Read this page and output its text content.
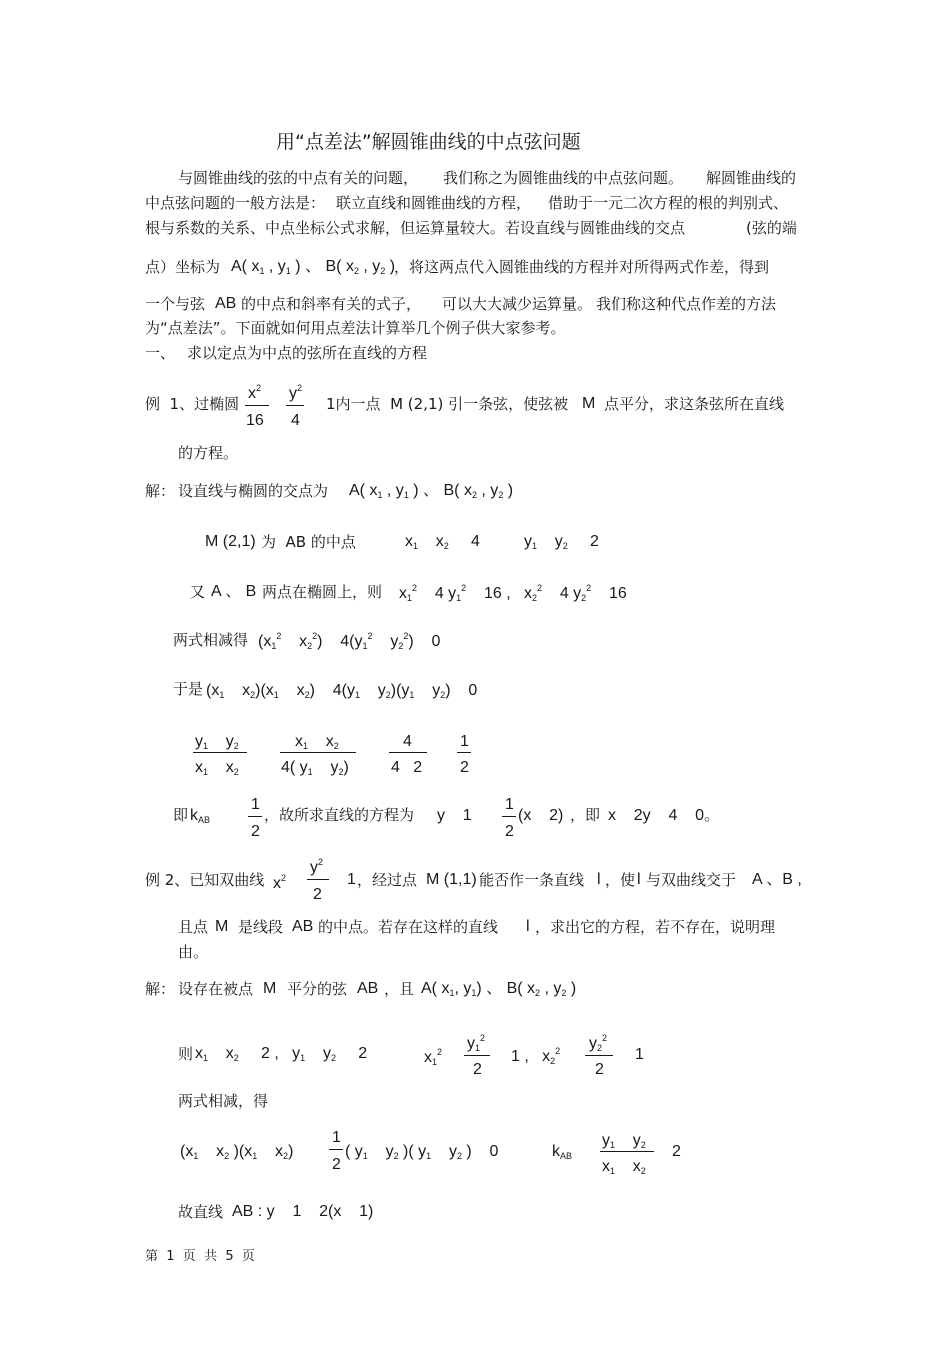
用“点差法”解圆锥曲线的中点弦问题
与圆锥曲线的弦的中点有关的问题， 我们称之为圆锥曲线的中点弦问题。 解圆锥曲线的
中点弦问题的一般方法是： 联立直线和圆锥曲线的方程， 借助于一元二次方程的根的判别式、
根与系数的关系、中点坐标公式求解，但运算量较大。若设直线与圆锥曲线的交点	(弦的端
点）坐标为 A( $x_1$ , $y_1$ ) 、 B( $x_2$ , $y_2$ )
，将这两点代入圆锥曲线的方程并对所得两式作差，得到
一个与弦 AB 的中点和斜率有关的式子， 可以大大减少运算量。 我们称这种代点作差的方法
为“点差法”。下面就如何用点差法计算举几个例子供大家参考。
一、 求以定点为中点的弦所在直线的方程
例  1、过椭圆
$x^2$
16
$y^2$
4
1内一点  M (2,1) 引一条弦，使弦被 M 点平分，求这条弦所在直线
的方程。
解： 设直线与椭圆的交点为 A( $x_1$ , $y_1$ ) 、 B( $x_2$ , $y_2$ )
M (2,1) 为  AB 的中点	$x_1$    $x_2$     4	$y_1$    $y_2$     2
又 A 、 B 两点在椭圆上，则 $x_1^2$    4 $y_1^2$    16 ,   $x_2^2$    4 $y_2^2$    16
两式相减得 ($x_1^2$    $x_2^2$)    $4(y_1^2$    $y_2^2$)    0
于是 ($x_1$    $x_2)(x_1$    $x_2$)    $4(y_1$    $y_2)(y_1$    $y_2$)    0
$y_1$    $y_2$
$x_1$    $x_2$
$x_1$    $x_2$
4( $y_1$    $y_2$)
4
4   2
1
2
即 $k_{AB}$
1
2
，故所求直线的方程为 y    1
1
2
(x    2) ，即 x    2y    4    0。
例 2、已知双曲线 $x^2$
$y^2$
2
1 ，经过点 M (1,1) 能否作一条直线 l ，使 l 与双曲线交于 A 、B ,
且点 M 是线段 AB 的中点。若存在这样的直线 l ，求出它的方程，若不存在，说明理
由。
解： 设存在被点 M 平分的弦 AB ，且 A( $x_1$, $y_1$) 、 B( $x_2$ , $y_2$ )
则 $x_1$    $x_2$     2 ,   $y_1$    $y_2$     2	$x_1^2$ $y_1^2$
2
1 ,   $x_2^2$ $y_2^2$
2
1
两式相减，得
($x_1$    $x_2$ )($x_1$    $x_2$)
1
2
( $y_1$    $y_2$ )( $y_1$    $y_2$ )    0	$k_{AB}$
$y_1$    $y_2$
$x_1$    $x_2$
2
故直线 AB : y    1    2(x    1)
第  1  页  共  5  页
